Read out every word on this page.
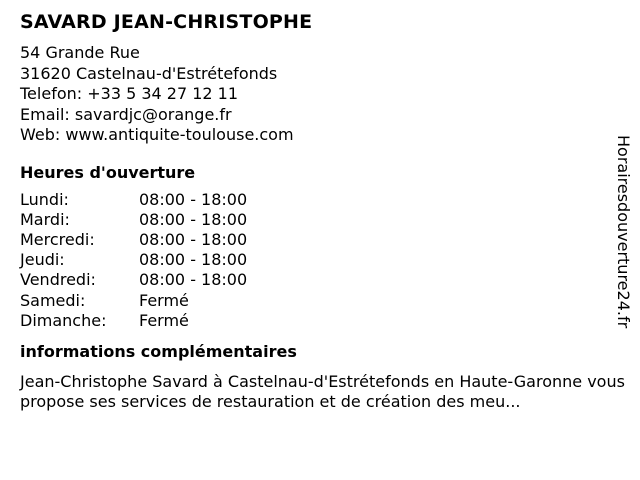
SAVARD JEAN-CHRISTOPHE
54 Grande Rue
31620 Castelnau-d'Estrétefonds
Telefon: +33 5 34 27 12 11
Email: savardjc@orange.fr
Web: www.antiquite-toulouse.com
Heures d'ouverture
Lundi:	08:00 - 18:00
Mardi:	08:00 - 18:00
Mercredi:	08:00 - 18:00
Jeudi:	08:00 - 18:00
Vendredi:	08:00 - 18:00
Samedi:	Fermé
Dimanche:	Fermé
informations complémentaires
Jean-Christophe Savard à Castelnau-d'Estrétefonds en Haute-Garonne vous propose ses services de restauration et de création des meu...
Horairesdouverture24.fr
